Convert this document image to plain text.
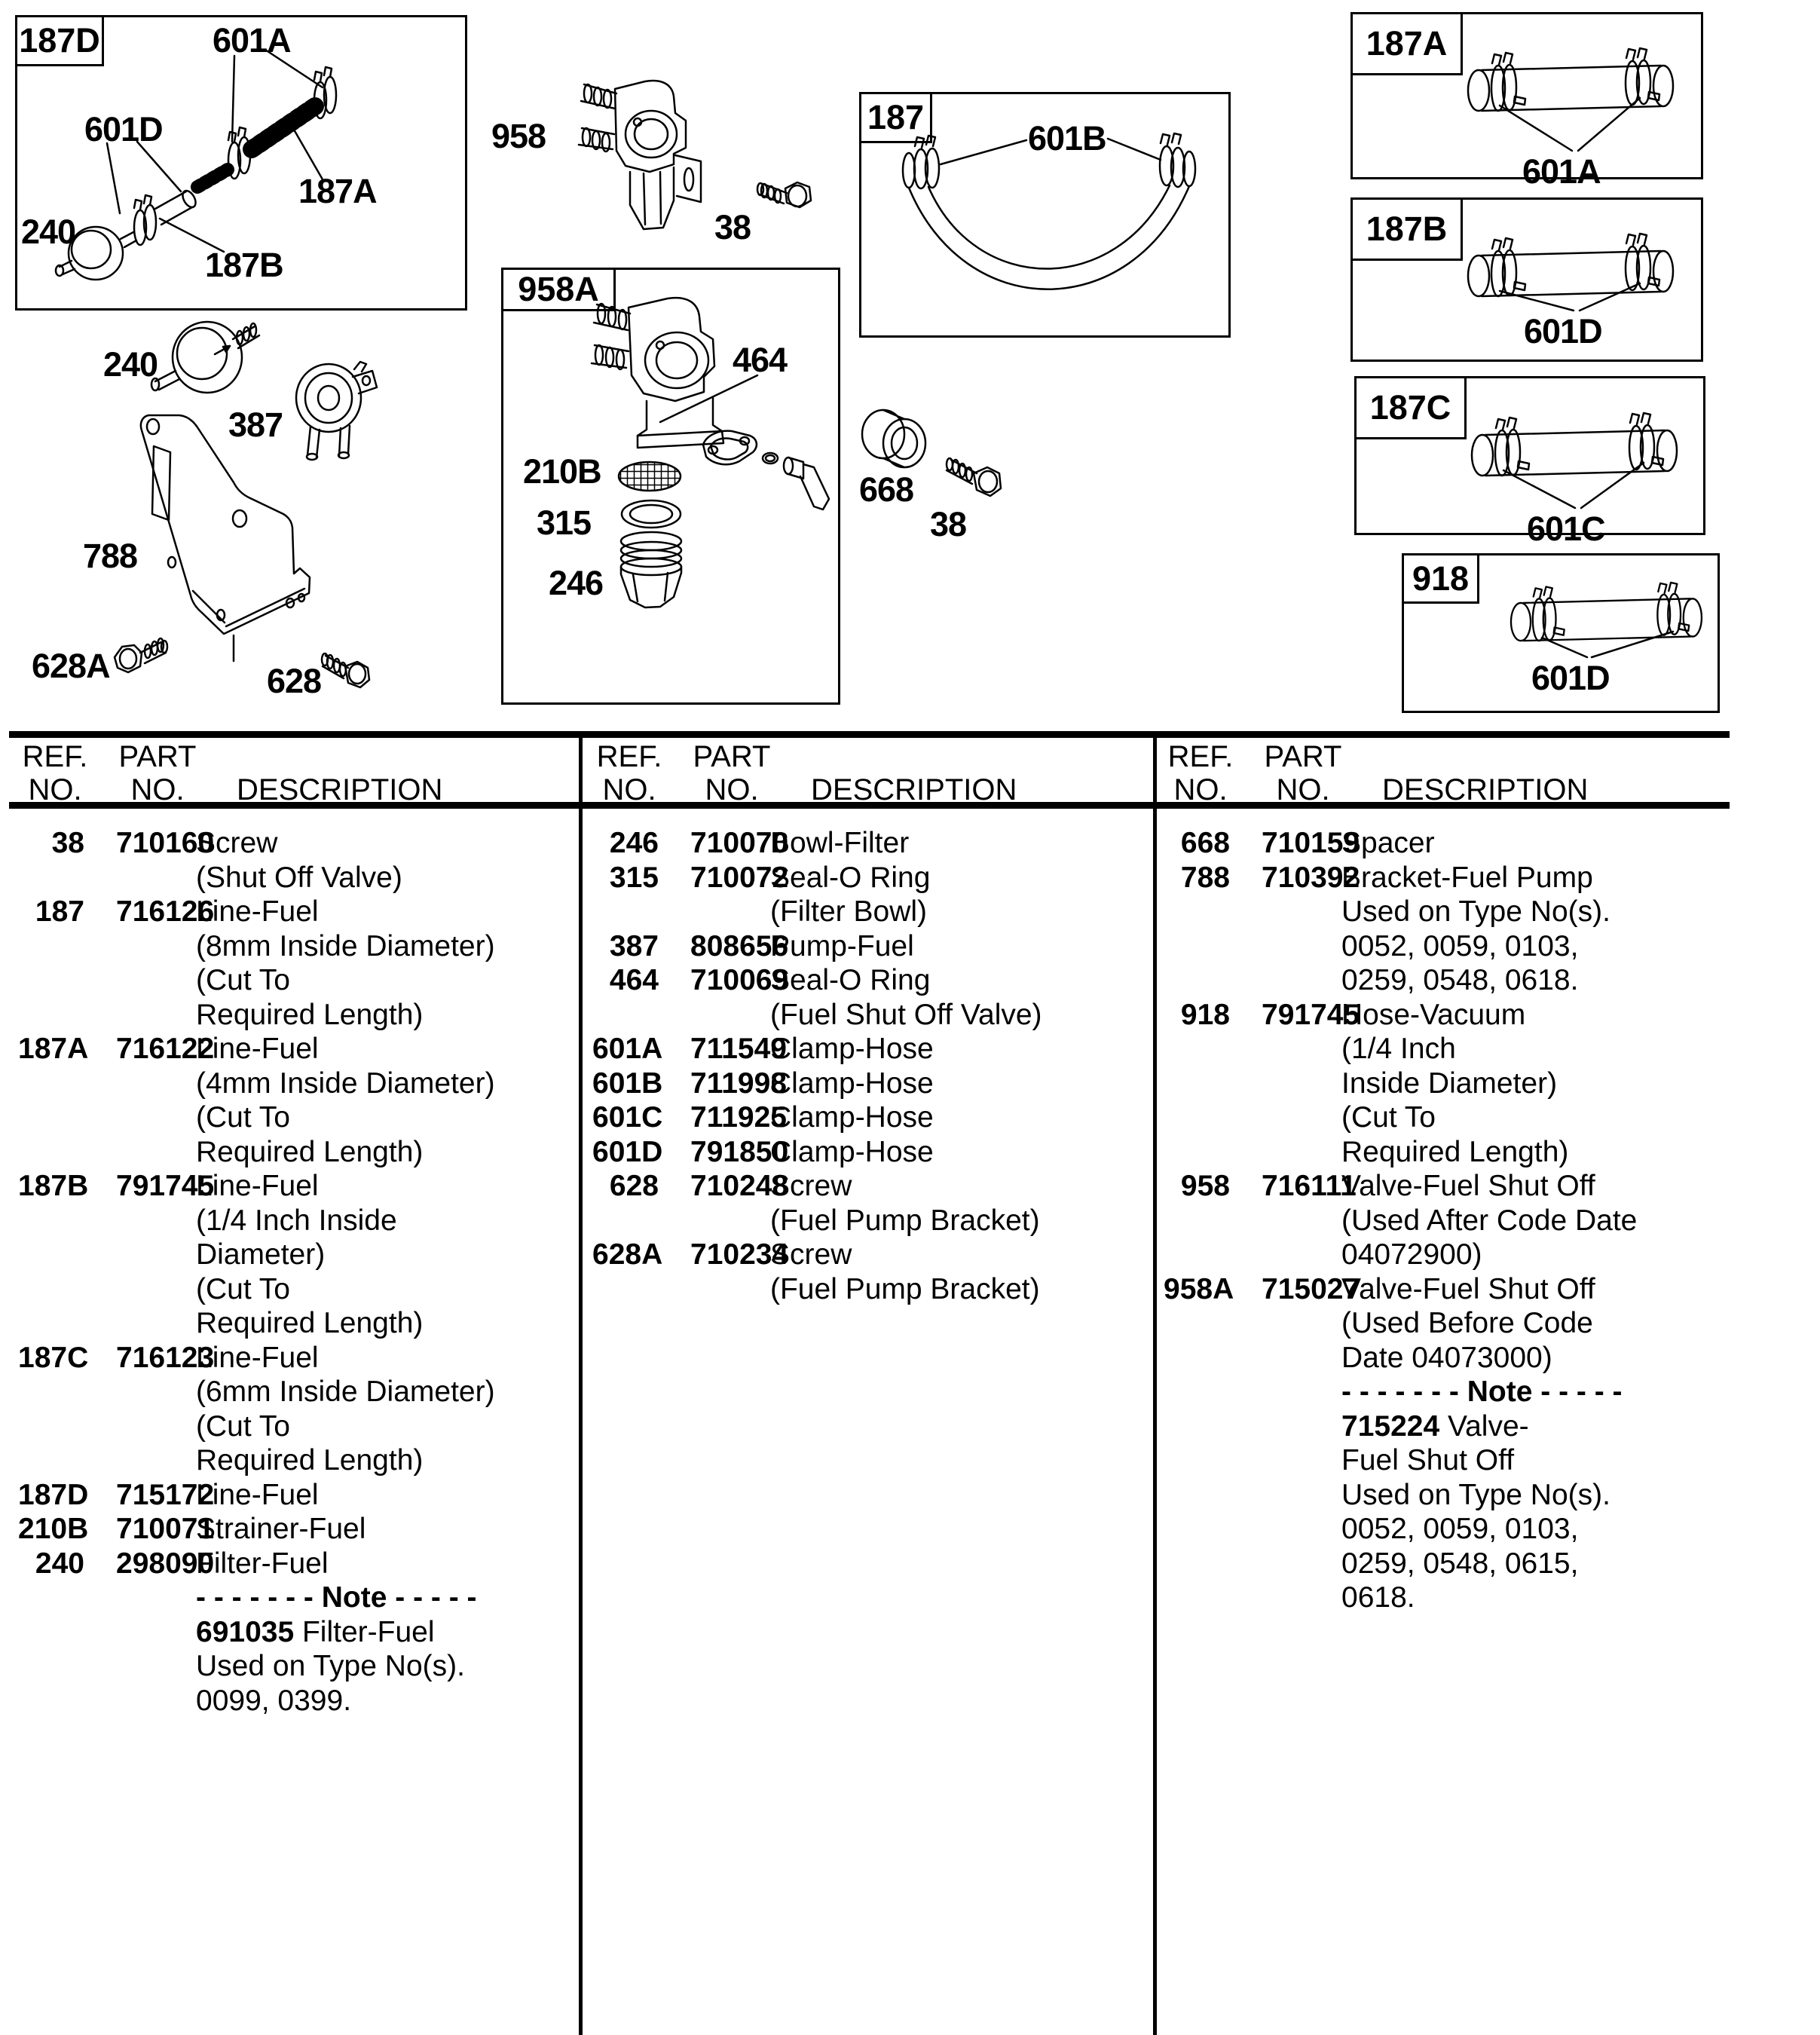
187D
958A
187
187A
187B
187C
918
601A
601D
187A
240
187B
958
38
464
210B
315
246
601B
601A
601D
601C
601D
240
387
788
628A	628
668
38
REF. PART
NO.	NO.	DESCRIPTION
REF. PART
NO.	NO.	DESCRIPTION
REF. PART
NO.	NO.	DESCRIPTION
38 710160
Screw
(Shut Off Valve)
187 716126
Line-Fuel
(8mm Inside Diameter)
(Cut To
Required Length)
187A 716122
Line-Fuel
(4mm Inside Diameter)
(Cut To
Required Length)
187B 791745
Line-Fuel
(1/4 Inch Inside
Diameter)
(Cut To
Required Length)
187C 716123
Line-Fuel
(6mm Inside Diameter)
(Cut To
Required Length)
187D 715172
Line-Fuel
210B 710071
Strainer-Fuel
240 298090
Filter-Fuel
- - - - - - - Note - - - - -
691035 Filter-Fuel
Used on Type No(s).
0099, 0399.
246 710070
Bowl-Filter
315 710072
Seal-O Ring
(Filter Bowl)
387 808656
Pump-Fuel
464 710069
Seal-O Ring
(Fuel Shut Off Valve)
601A 711549
Clamp-Hose
601B 711998
Clamp-Hose
601C 711925
Clamp-Hose
601D 791850
Clamp-Hose
628 710248
Screw
(Fuel Pump Bracket)
628A 710234
Screw
(Fuel Pump Bracket)
668 710159
Spacer
788 710392
Bracket-Fuel Pump
Used on Type No(s).
0052, 0059, 0103,
0259, 0548, 0618.
918 791745
Hose-Vacuum
(1/4 Inch
Inside Diameter)
(Cut To
Required Length)
958 716111
Valve-Fuel Shut Off
(Used After Code Date
04072900)
958A 715027
Valve-Fuel Shut Off
(Used Before Code
Date 04073000)
- - - - - - - Note - - - - -
715224 Valve-
Fuel Shut Off
Used on Type No(s).
0052, 0059, 0103,
0259, 0548, 0615,
0618.
